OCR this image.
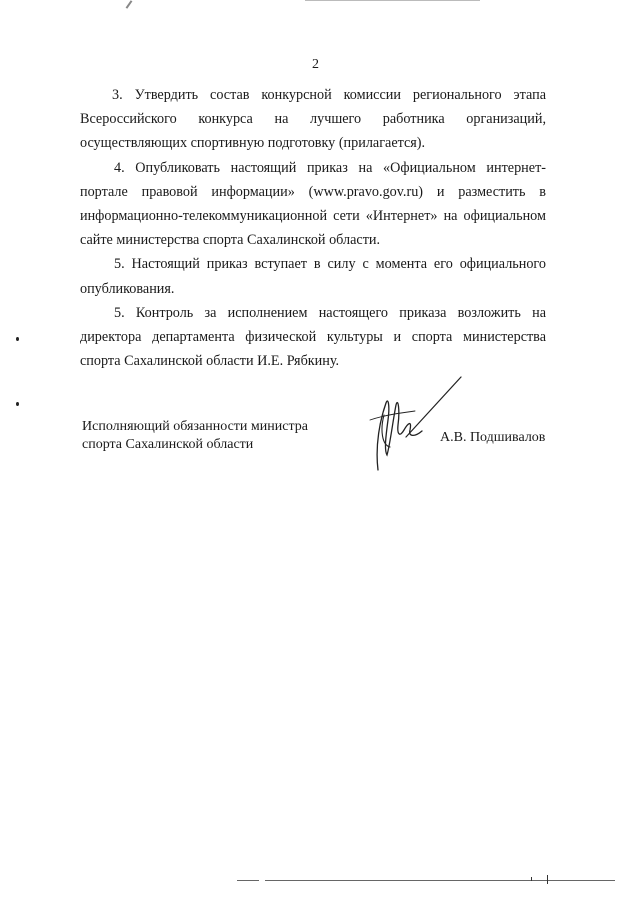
2

3. Утвердить состав конкурсной комиссии регионального этапа Всероссийского конкурса на лучшего работника организаций, осуществляющих спортивную подготовку (прилагается).

4. Опубликовать настоящий приказ на «Официальном интернет-портале правовой информации» (www.pravo.gov.ru) и разместить в информационно-телекоммуникационной сети «Интернет» на официальном сайте министерства спорта Сахалинской области.

5. Настоящий приказ вступает в силу с момента его официального опубликования.

5. Контроль за исполнением настоящего приказа возложить на директора департамента физической культуры и спорта министерства спорта Сахалинской области И.Е. Рябкину.

Исполняющий обязанности министра
спорта Сахалинской области	А.В. Подшивалов
